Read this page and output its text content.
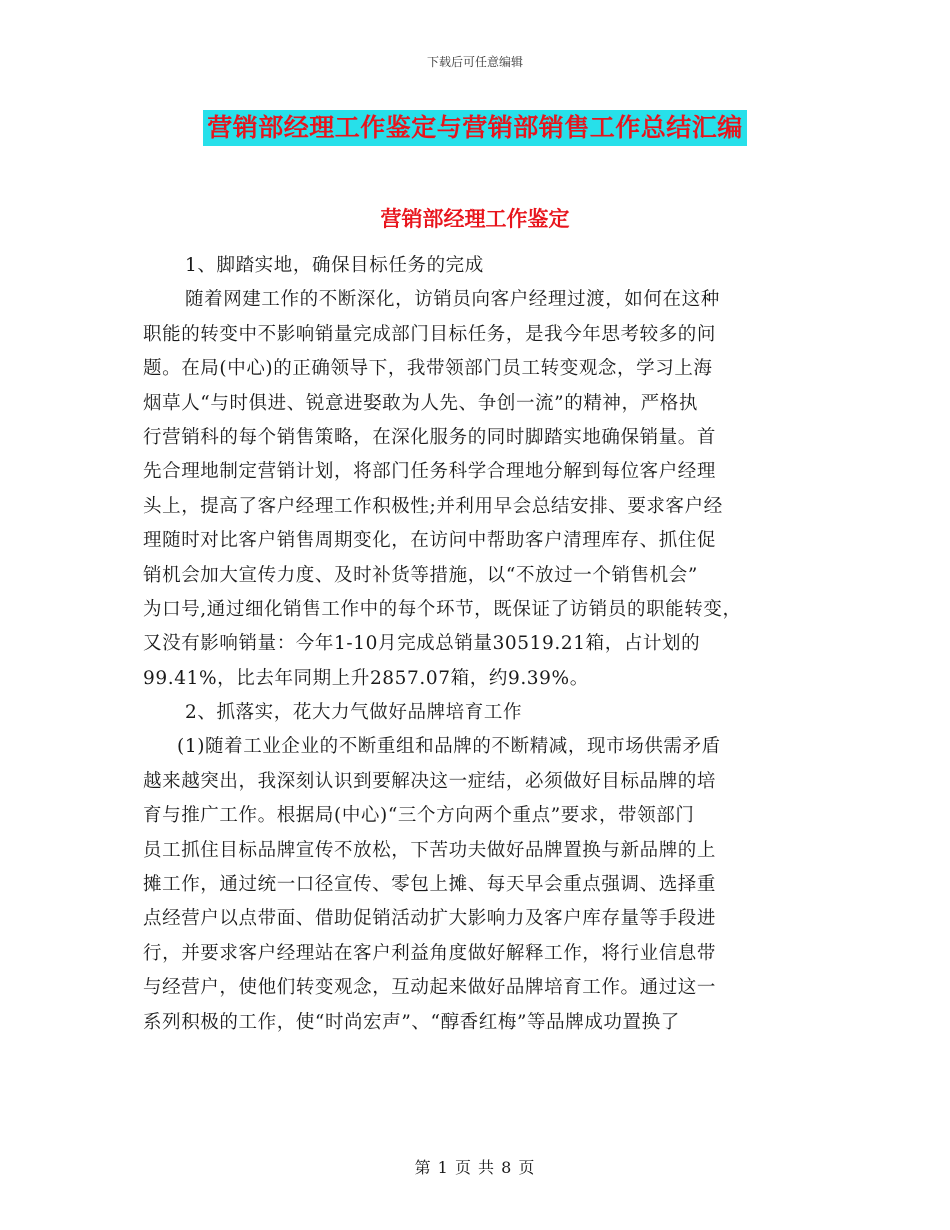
下载后可任意编辑
营销部经理工作鉴定与营销部销售工作总结汇编
营销部经理工作鉴定
1、脚踏实地，确保目标任务的完成
随着网建工作的不断深化，访销员向客户经理过渡，如何在这种
职能的转变中不影响销量完成部门目标任务，是我今年思考较多的问
题。在局(中心)的正确领导下，我带领部门员工转变观念，学习上海
烟草人“与时俱进、锐意进娶敢为人先、争创一流”的精神，严格执
行营销科的每个销售策略，在深化服务的同时脚踏实地确保销量。首
先合理地制定营销计划，将部门任务科学合理地分解到每位客户经理
头上，提高了客户经理工作积极性;并利用早会总结安排、要求客户经
理随时对比客户销售周期变化，在访问中帮助客户清理库存、抓住促
销机会加大宣传力度、及时补货等措施，以“不放过一个销售机会”
为口号,通过细化销售工作中的每个环节，既保证了访销员的职能转变，
又没有影响销量：今年1-10月完成总销量30519.21箱，占计划的
99.41%，比去年同期上升2857.07箱，约9.39%。
2、抓落实，花大力气做好品牌培育工作
(1)随着工业企业的不断重组和品牌的不断精减，现市场供需矛盾
越来越突出，我深刻认识到要解决这一症结，必须做好目标品牌的培
育与推广工作。根据局(中心)“三个方向两个重点”要求，带领部门
员工抓住目标品牌宣传不放松，下苦功夫做好品牌置换与新品牌的上
摊工作，通过统一口径宣传、零包上摊、每天早会重点强调、选择重
点经营户以点带面、借助促销活动扩大影响力及客户库存量等手段进
行，并要求客户经理站在客户利益角度做好解释工作，将行业信息带
与经营户，使他们转变观念，互动起来做好品牌培育工作。通过这一
系列积极的工作，使“时尚宏声”、“醇香红梅”等品牌成功置换了
第 1 页 共 8 页
